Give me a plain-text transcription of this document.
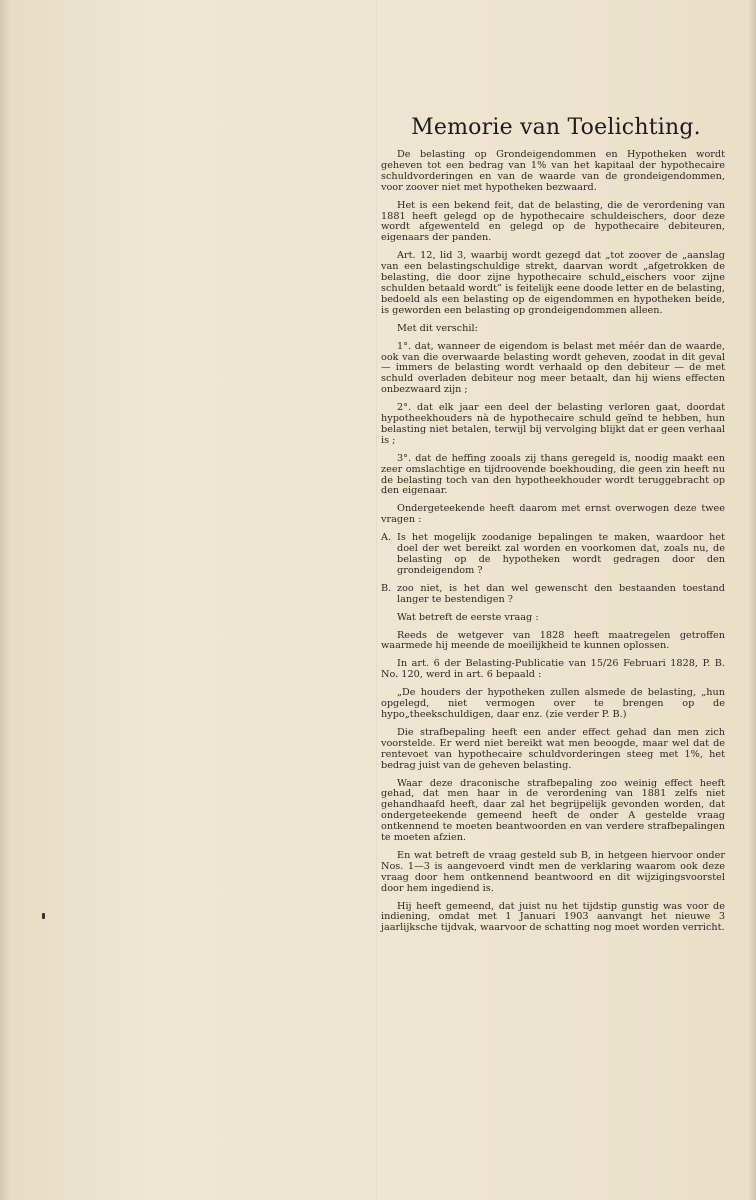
Memorie van Toelichting.

De belasting op Grondeigendommen en Hypotheken wordt geheven tot een bedrag van 1% van het kapitaal der hypothecaire schuldvorderingen en van de waarde van de grondeigendommen, voor zoover niet met hypotheken bezwaard.

Het is een bekend feit, dat de belasting, die de verordening van 1881 heeft gelegd op de hypothecaire schuldeischers, door deze wordt afgewenteld en gelegd op de hypothecaire debiteuren, eigenaars der panden.

Art. 12, lid 3, waarbij wordt gezegd dat „tot zoover de „aanslag van een belastingschuldige strekt, daarvan wordt „afgetrokken de belasting, die door zijne hypothecaire schuld„eischers voor zijne schulden betaald wordt” is feitelijk eene doode letter en de belasting, bedoeld als een belasting op de eigendommen en hypotheken beide, is geworden een belasting op grondeigendommen alleen.

Met dit verschil:

1°. dat, wanneer de eigendom is belast met méér dan de waarde, ook van die overwaarde belasting wordt geheven, zoodat in dit geval — immers de belasting wordt verhaald op den debiteur — de met schuld overladen debiteur nog meer betaalt, dan hij wiens effecten onbezwaard zijn ;

2°. dat elk jaar een deel der belasting verloren gaat, doordat hypotheekhouders nà de hypothecaire schuld geïnd te hebben, hun belasting niet betalen, terwijl bij vervolging blijkt dat er geen verhaal is ;

3°. dat de heffing zooals zij thans geregeld is, noodig maakt een zeer omslachtige en tijdroovende boekhouding, die geen zin heeft nu de belasting toch van den hypotheekhouder wordt teruggebracht op den eigenaar.

Ondergeteekende heeft daarom met ernst overwogen deze twee vragen :

A. Is het mogelijk zoodanige bepalingen te maken, waardoor het doel der wet bereikt zal worden en voorkomen dat, zoals nu, de belasting op de hypotheken wordt gedragen door den grondeigendom ?
B. zoo niet, is het dan wel gewenscht den bestaanden toestand langer te bestendigen ?

Wat betreft de eerste vraag :

Reeds de wetgever van 1828 heeft maatregelen getroffen waarmede hij meende de moeilijkheid te kunnen oplossen.

In art. 6 der Belasting-Publicatie van 15/26 Februari 1828, P. B. No. 120, werd in art. 6 bepaald :

„De houders der hypotheken zullen alsmede de belasting, „hun opgelegd, niet vermogen over te brengen op de hypo„theekschuldigen, daar enz. (zie verder P. B.)

Die strafbepaling heeft een ander effect gehad dan men zich voorstelde. Er werd niet bereikt wat men beoogde, maar wel dat de rentevoet van hypothecaire schuldvorderingen steeg met 1%, het bedrag juist van de geheven belasting.

Waar deze draconische strafbepaling zoo weinig effect heeft gehad, dat men haar in de verordening van 1881 zelfs niet gehandhaafd heeft, daar zal het begrijpelijk gevonden worden, dat ondergeteekende gemeend heeft de onder A gestelde vraag ontkennend te moeten beantwoorden en van verdere strafbepalingen te moeten afzien.

En wat betreft de vraag gesteld sub B, in hetgeen hiervoor onder Nos. 1—3 is aangevoerd vindt men de verklaring waarom ook deze vraag door hem ontkennend beantwoord en dit wijzigingsvoorstel door hem ingediend is.

Hij heeft gemeend, dat juist nu het tijdstip gunstig was voor de indiening, omdat met 1 Januari 1903 aanvangt het nieuwe 3 jaarlijksche tijdvak, waarvoor de schatting nog moet worden verricht.
